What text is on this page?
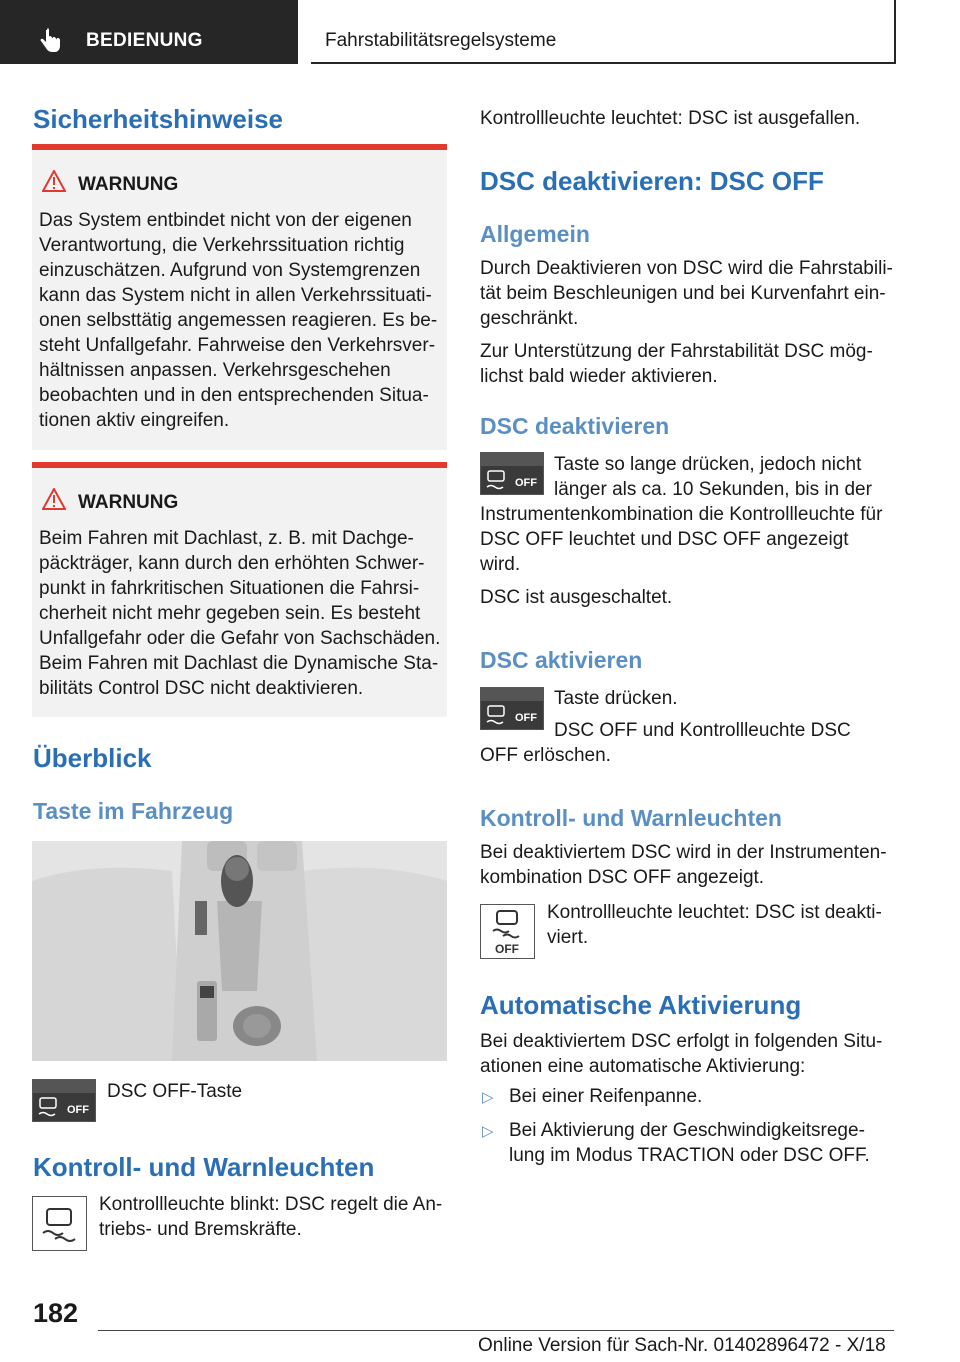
BEDIENUNG	Fahrstabilitätsregelsysteme
Sicherheitshinweise
WARNUNG
Das System entbindet nicht von der eigenen
Verantwortung, die Verkehrssituation richtig
einzuschätzen. Aufgrund von Systemgrenzen
kann das System nicht in allen Verkehrssituati‐
onen selbsttätig angemessen reagieren. Es be‐
steht Unfallgefahr. Fahrweise den Verkehrsver‐
hältnissen anpassen. Verkehrsgeschehen
beobachten und in den entsprechenden Situa‐
tionen aktiv eingreifen.
WARNUNG
Beim Fahren mit Dachlast, z. B. mit Dachge‐
päckträger, kann durch den erhöhten Schwer‐
punkt in fahrkritischen Situationen die Fahrsi‐
cherheit nicht mehr gegeben sein. Es besteht
Unfallgefahr oder die Gefahr von Sachschäden.
Beim Fahren mit Dachlast die Dynamische Sta‐
bilitäts Control DSC nicht deaktivieren.
Überblick
Taste im Fahrzeug
OFF
DSC OFF-Taste
Kontroll- und Warnleuchten
Kontrollleuchte blinkt: DSC regelt die An‐
triebs- und Bremskräfte.
Kontrollleuchte leuchtet: DSC ist ausgefallen.
DSC deaktivieren: DSC OFF
Allgemein
Durch Deaktivieren von DSC wird die Fahrstabili‐
tät beim Beschleunigen und bei Kurvenfahrt ein‐
geschränkt.
Zur Unterstützung der Fahrstabilität DSC mög‐
lichst bald wieder aktivieren.
DSC deaktivieren
OFF
Taste so lange drücken, jedoch nicht
länger als ca. 10 Sekunden, bis in der
Instrumentenkombination die Kontrollleuchte für
DSC OFF leuchtet und DSC OFF angezeigt
wird.
DSC ist ausgeschaltet.
DSC aktivieren
OFF
Taste drücken.
DSC OFF und Kontrollleuchte DSC
OFF erlöschen.
Kontroll- und Warnleuchten
Bei deaktiviertem DSC wird in der Instrumenten‐
kombination DSC OFF angezeigt.
OFF
Kontrollleuchte leuchtet: DSC ist deakti‐
viert.
Automatische Aktivierung
Bei deaktiviertem DSC erfolgt in folgenden Situ‐
ationen eine automatische Aktivierung:
▷ Bei einer Reifenpanne.
▷ Bei Aktivierung der Geschwindigkeitsrege‐
lung im Modus TRACTION oder DSC OFF.
182
Online Version für Sach-Nr. 01402896472 - X/18
